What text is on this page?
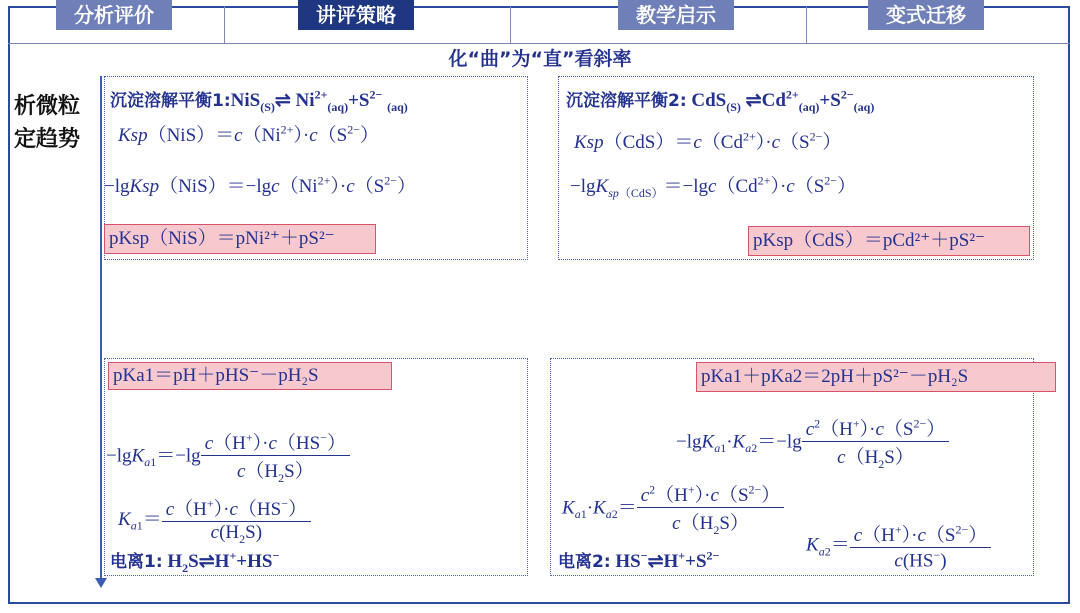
分析评价	讲评策略	教学启示	变式迁移
化“曲”为“直”看斜率
析微粒
定趋势
沉淀溶解平衡1:NiS$_{(S)}$⇌ $Ni^{2+}_{(aq)}+S^{2-}$ $_{(aq)}$
$Ksp(NiS)=c(Ni^{2+})\cdot c(S^{2-})$
$-lgKsp(NiS)=-\lg c(Ni^{2+})\cdot c(S^{2-})$
pKsp（NiS）＝pNi²⁺＋pS²⁻
沉淀溶解平衡2: CdS$_{(S)}$ $\rightleftharpoons Cd^{2+}_{(aq)}+S^{2-}_{(aq)}$
$Ksp(CdS)=c(Cd^{2+})\cdot c(S^{2-})$
$-\lg K_{sp(CdS)}=-\lg c(Cd^{2+})\cdot c(S^{2-})$
pKsp（CdS）＝pCd²⁺＋pS²⁻
pKa1＝pH＋pHS⁻－pH₂S
$-\lg K_{a1}=-\lg \frac{c(H^+)\cdot c(HS^-)}{c(H_2S)}$
$K_{a1}= \frac{c(H^+)\cdot c(HS^-)}{c(H_2S)}$
电离1: $H_2S\rightleftharpoons H^++HS^-$
pKa1＋pKa2＝2pH＋pS²⁻－pH₂S
$-\lg K_{a1}\cdot K_{a2}=-\lg \frac{c^2(H^+)\cdot c(S^{2-})}{c(H_2S)}$
$K_{a1}\cdot K_{a2}= \frac{c^2(H^+)\cdot c(S^{2-})}{c(H_2S)}$
$K_{a2}= \frac{c(H^+)\cdot c(S^{2-})}{c(HS^-)}$
电离2: $HS^-\rightleftharpoons H^++S^{2-}$
